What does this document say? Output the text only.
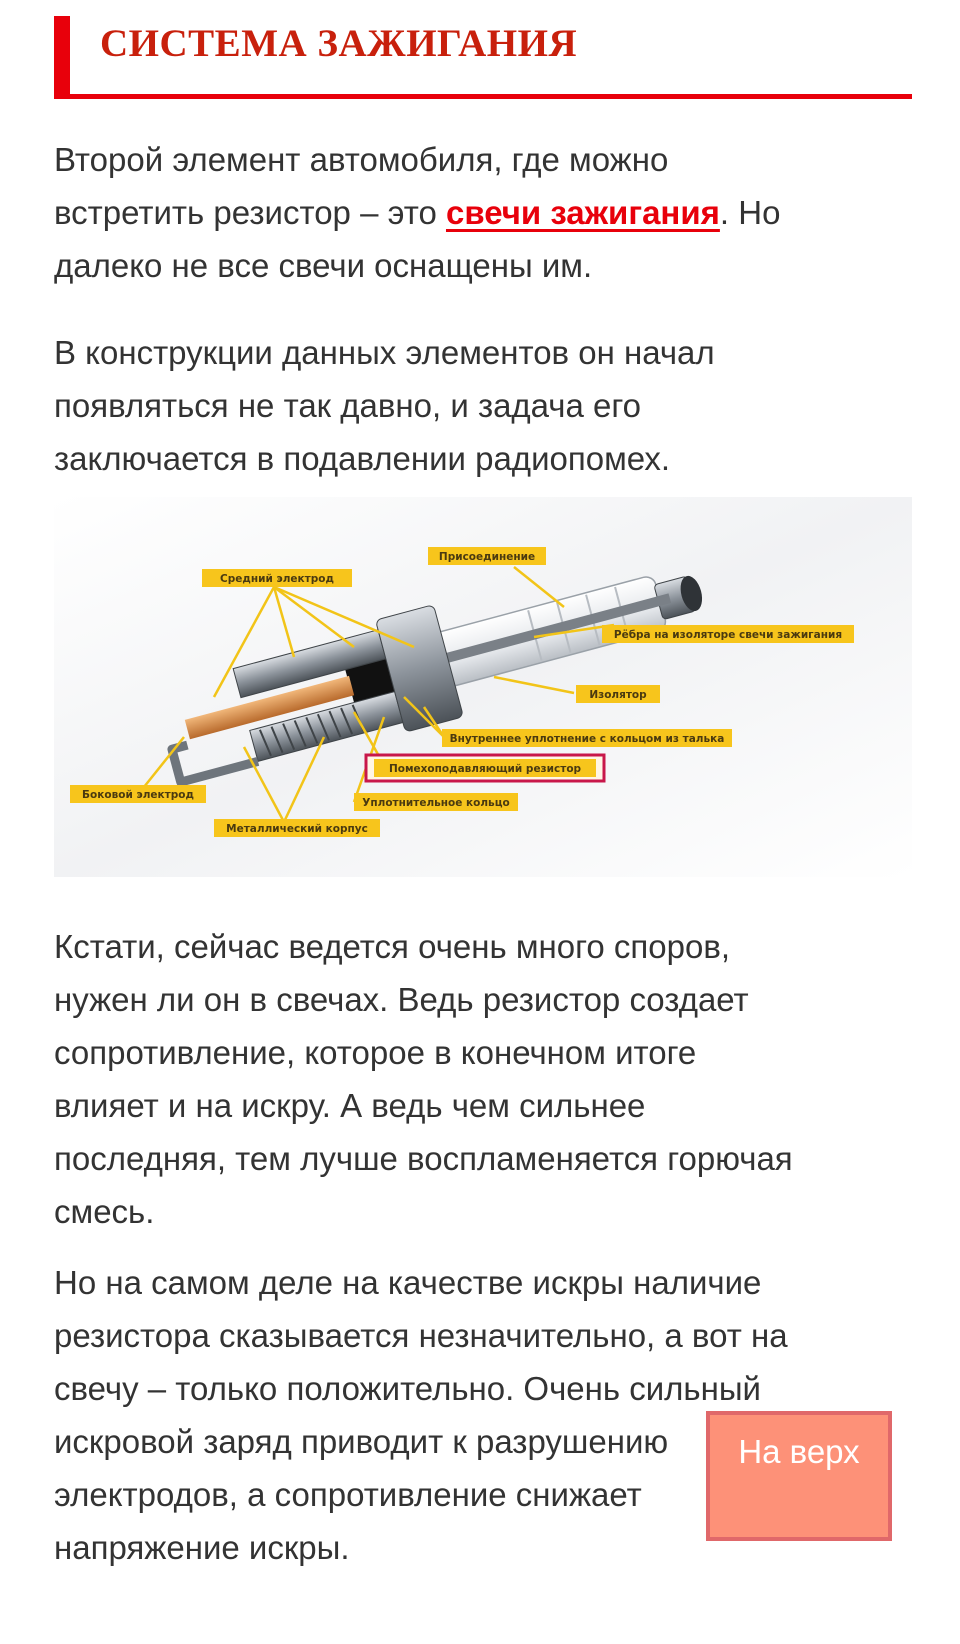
СИСТЕМА ЗАЖИГАНИЯ

Второй элемент автомобиля, где можно
встретить резистор – это свечи зажигания. Но
далеко не все свечи оснащены им.

В конструкции данных элементов он начал
появляться не так давно, и задача его
заключается в подавлении радиопомех.

Кстати, сейчас ведется очень много споров,
нужен ли он в свечах. Ведь резистор создает
сопротивление, которое в конечном итоге
влияет и на искру. А ведь чем сильнее
последняя, тем лучше воспламеняется горючая
смесь.

Но на самом деле на качестве искры наличие
резистора сказывается незначительно, а вот на
свечу – только положительно. Очень сильный
искровой заряд приводит к разрушению
электродов, а сопротивление снижает
напряжение искры.

Присоединение
Средний электрод
Рёбра на изоляторе свечи зажигания
Изолятор
Внутреннее уплотнение с кольцом из талька
Помехоподавляющий резистор
Боковой электрод
Уплотнительное кольцо
Металлический корпус
На верх
